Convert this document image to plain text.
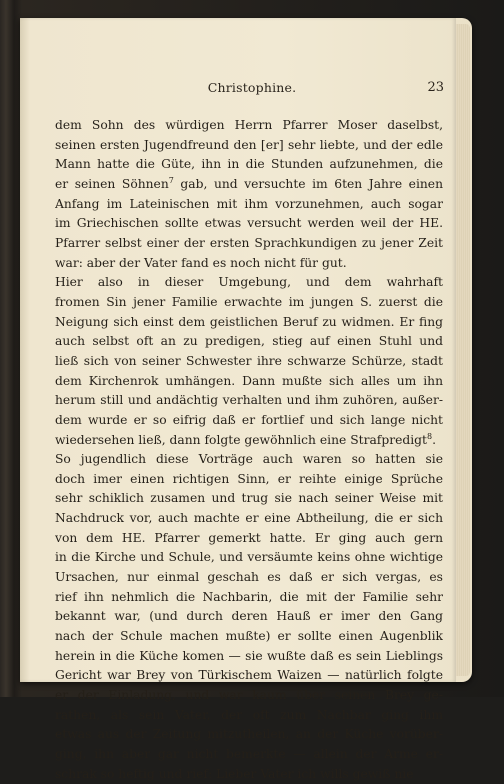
Christophine.	23
dem Sohn des würdigen Herrn Pfarrer Moser daselbst,
seinen ersten Jugendfreund den [er] sehr liebte, und der edle
Mann hatte die Güte, ihn in die Stunden aufzunehmen, die
er seinen Söhnen$^7$ gab, und versuchte im 6ten Jahre einen
Anfang im Lateinischen mit ihm vorzunehmen, auch sogar
im Griechischen sollte etwas versucht werden weil der HE.
Pfarrer selbst einer der ersten Sprachkundigen zu jener Zeit
war: aber der Vater fand es noch nicht für gut.
Hier also in dieser Umgebung, und dem wahrhaft
fromen Sin jener Familie erwachte im jungen S. zuerst die
Neigung sich einst dem geistlichen Beruf zu widmen. Er fing
auch selbst oft an zu predigen, stieg auf einen Stuhl und
ließ sich von seiner Schwester ihre schwarze Schürze, stadt
dem Kirchenrok umhängen. Dann mußte sich alles um ihn
herum still und andächtig verhalten und ihm zuhören, außer-
dem wurde er so eifrig daß er fortlief und sich lange nicht
wiedersehen ließ, dann folgte gewöhnlich eine Strafpredigt$^8$.
So jugendlich diese Vorträge auch waren so hatten sie
doch imer einen richtigen Sinn, er reihte einige Sprüche
sehr schiklich zusamen und trug sie nach seiner Weise mit
Nachdruck vor, auch machte er eine Abtheilung, die er sich
von dem HE. Pfarrer gemerkt hatte. Er ging auch gern
in die Kirche und Schule, und versäumte keins ohne wichtige
Ursachen, nur einmal geschah es daß er sich vergas, es
rief ihn nehmlich die Nachbarin, die mit der Familie sehr
bekannt war, (und durch deren Hauß er imer den Gang
nach der Schule machen mußte) er sollte einen Augenblik
herein in die Küche komen — sie wußte daß es sein Lieblings
Gericht war Brey von Türkischem Waizen — natürlich folgte
er der Einladung, und war kaum über seinen Brey ge-
rathen, als sein Vater, der oft zum Nachbar ging ihm
etwas aus der Zeitung mitzutheilen, an der Küche vorüber-
ging, ihn aber gar nicht bemerkte — allein der Arme er-
schrak so heftig und rief: Lieber Vater ich wills gewiß nie
